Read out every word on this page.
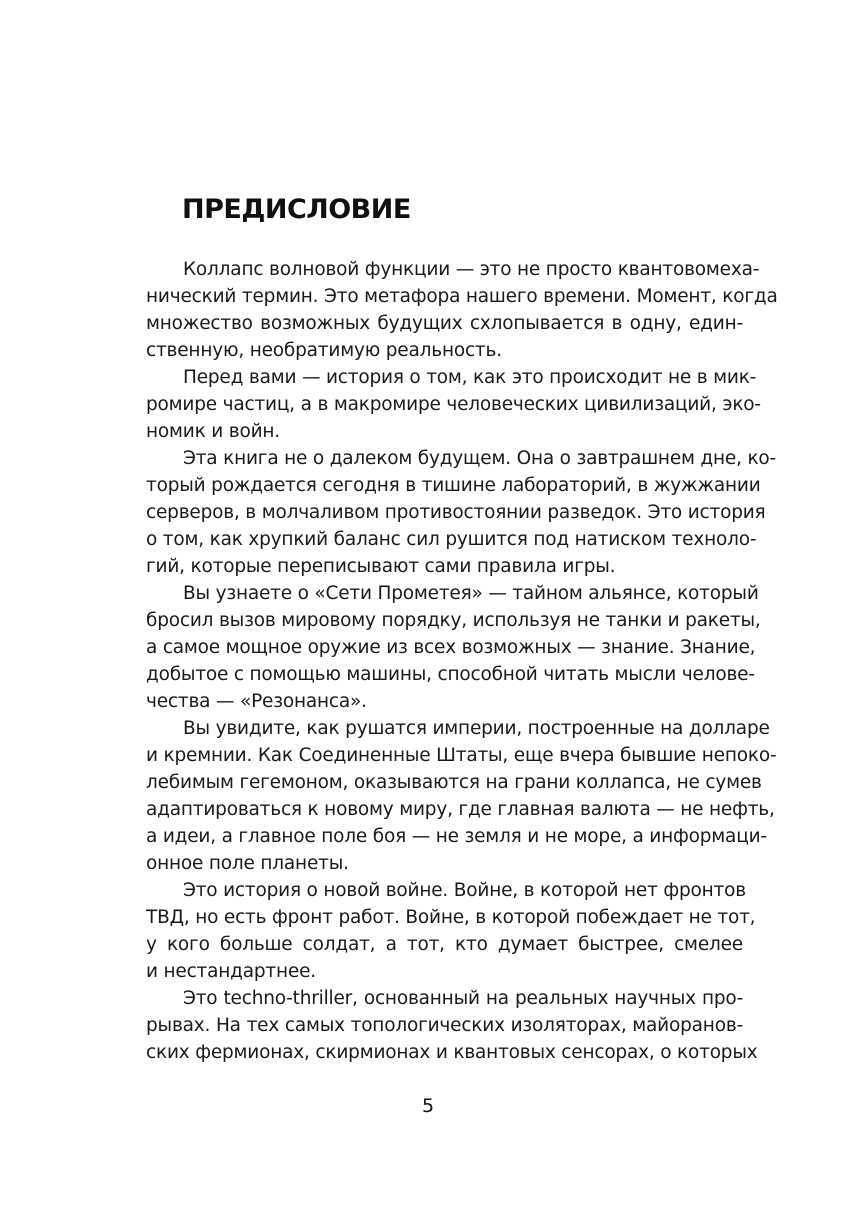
ПРЕДИСЛОВИЕ
Коллапс волновой функции — это не просто квантовомеха-
нический термин. Это метафора нашего времени. Момент, когда
множество возможных будущих схлопывается в одну, един-
ственную, необратимую реальность.
Перед вами — история о том, как это происходит не в мик-
ромире частиц, а в макромире человеческих цивилизаций, эко-
номик и войн.
Эта книга не о далеком будущем. Она о завтрашнем дне, ко-
торый рождается сегодня в тишине лабораторий, в жужжании
серверов, в молчаливом противостоянии разведок. Это история
о том, как хрупкий баланс сил рушится под натиском техноло-
гий, которые переписывают сами правила игры.
Вы узнаете о «Сети Прометея» — тайном альянсе, который
бросил вызов мировому порядку, используя не танки и ракеты,
а самое мощное оружие из всех возможных — знание. Знание,
добытое с помощью машины, способной читать мысли челове-
чества — «Резонанса».
Вы увидите, как рушатся империи, построенные на долларе
и кремнии. Как Соединенные Штаты, еще вчера бывшие непоко-
лебимым гегемоном, оказываются на грани коллапса, не сумев
адаптироваться к новому миру, где главная валюта — не нефть,
а идеи, а главное поле боя — не земля и не море, а информаци-
онное поле планеты.
Это история о новой войне. Войне, в которой нет фронтов
ТВД, но есть фронт работ. Войне, в которой побеждает не тот,
у кого больше солдат, а тот, кто думает быстрее, смелее
и нестандартнее.
Это techno-thriller, основанный на реальных научных про-
рывах. На тех самых топологических изоляторах, майоранов-
ских фермионах, скирмионах и квантовых сенсорах, о которых
5
